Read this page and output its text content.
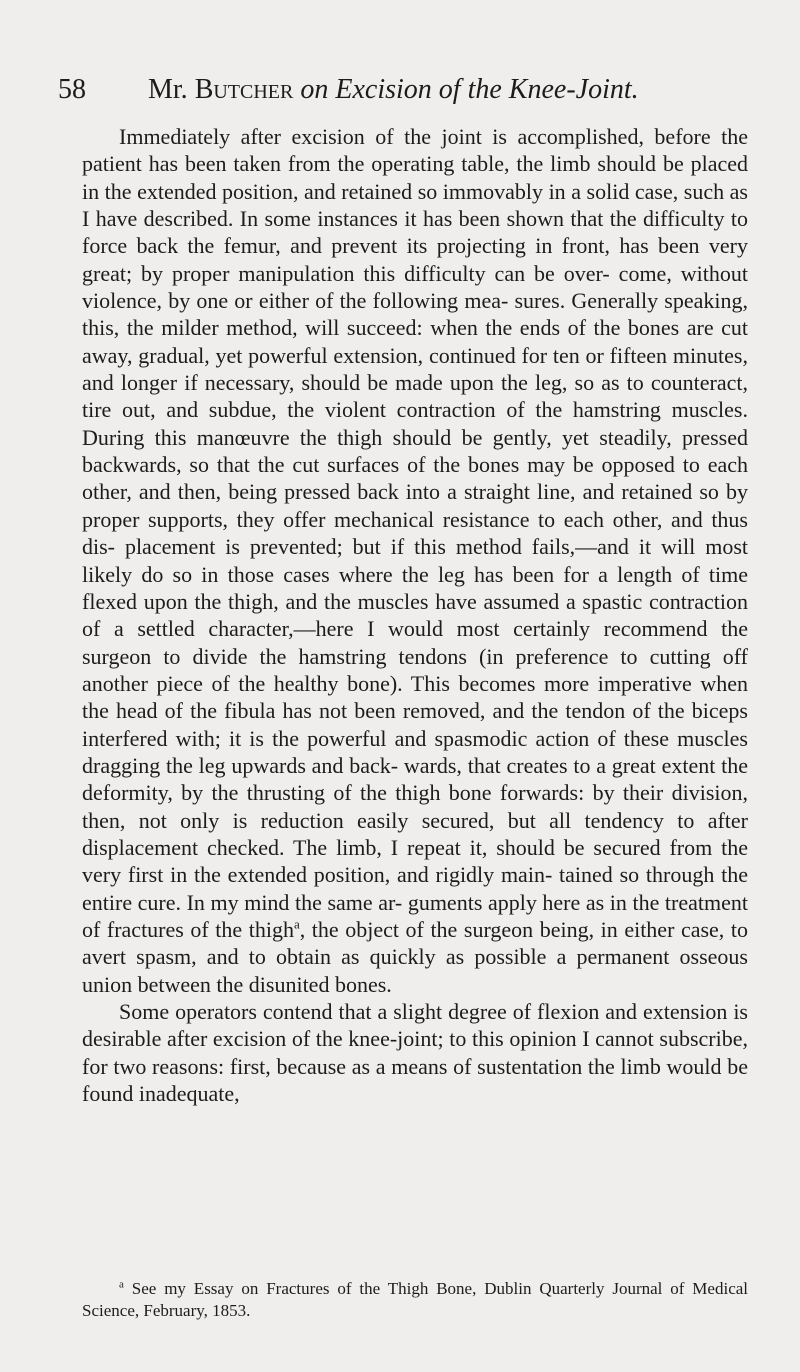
58 Mr. Butcher on Excision of the Knee-Joint.

Immediately after excision of the joint is accomplished, before the patient has been taken from the operating table, the limb should be placed in the extended position, and retained so immovably in a solid case, such as I have described. In some instances it has been shown that the difficulty to force back the femur, and prevent its projecting in front, has been very great; by proper manipulation this difficulty can be over- come, without violence, by one or either of the following mea- sures. Generally speaking, this, the milder method, will succeed: when the ends of the bones are cut away, gradual, yet powerful extension, continued for ten or fifteen minutes, and longer if necessary, should be made upon the leg, so as to counteract, tire out, and subdue, the violent contraction of the hamstring muscles. During this manœuvre the thigh should be gently, yet steadily, pressed backwards, so that the cut surfaces of the bones may be opposed to each other, and then, being pressed back into a straight line, and retained so by proper supports, they offer mechanical resistance to each other, and thus dis- placement is prevented; but if this method fails,—and it will most likely do so in those cases where the leg has been for a length of time flexed upon the thigh, and the muscles have assumed a spastic contraction of a settled character,—here I would most certainly recommend the surgeon to divide the hamstring tendons (in preference to cutting off another piece of the healthy bone). This becomes more imperative when the head of the fibula has not been removed, and the tendon of the biceps interfered with; it is the powerful and spasmodic action of these muscles dragging the leg upwards and back- wards, that creates to a great extent the deformity, by the thrusting of the thigh bone forwards: by their division, then, not only is reduction easily secured, but all tendency to after displacement checked. The limb, I repeat it, should be secured from the very first in the extended position, and rigidly main- tained so through the entire cure. In my mind the same ar- guments apply here as in the treatment of fractures of the thigh$^a$, the object of the surgeon being, in either case, to avert spasm, and to obtain as quickly as possible a permanent osseous union between the disunited bones.

Some operators contend that a slight degree of flexion and extension is desirable after excision of the knee-joint; to this opinion I cannot subscribe, for two reasons: first, because as a means of sustentation the limb would be found inadequate,

$^a$ See my Essay on Fractures of the Thigh Bone, Dublin Quarterly Journal of Medical Science, February, 1853.
